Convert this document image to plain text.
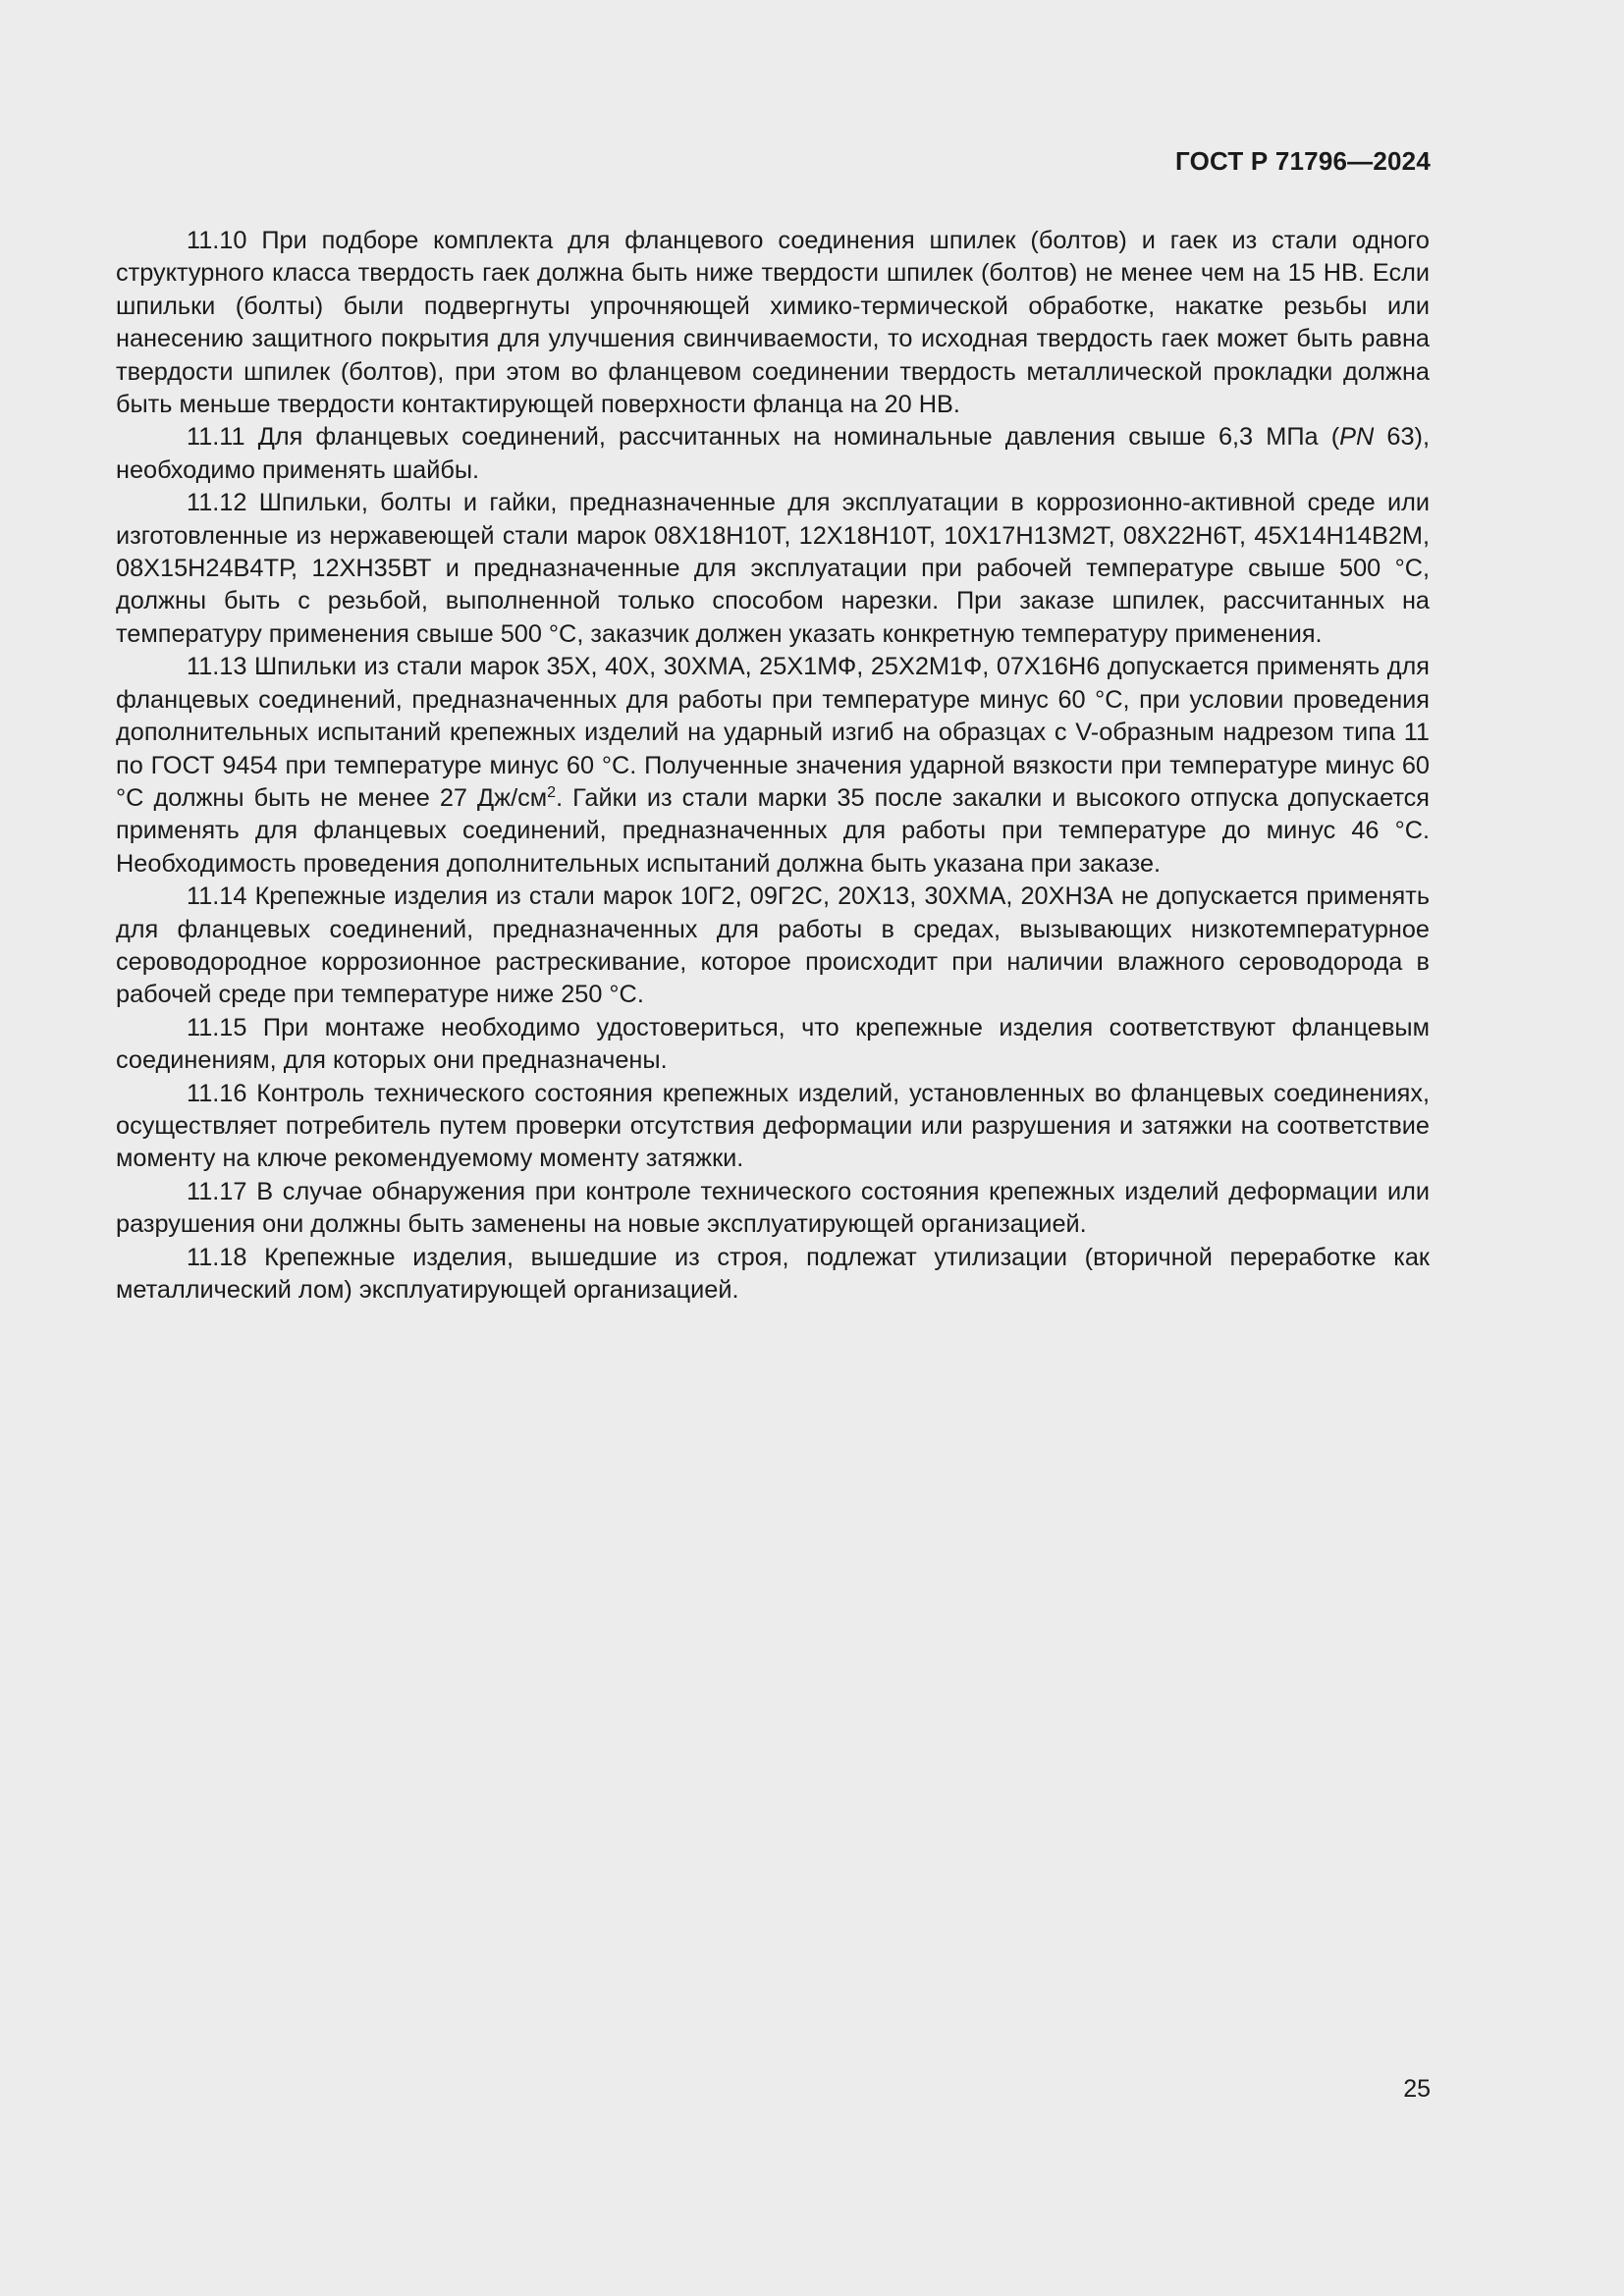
ГОСТ Р 71796—2024

11.10 При подборе комплекта для фланцевого соединения шпилек (болтов) и гаек из стали одного структурного класса твердость гаек должна быть ниже твердости шпилек (болтов) не менее чем на 15 НВ. Если шпильки (болты) были подвергнуты упрочняющей химико-термической обработке, накатке резьбы или нанесению защитного покрытия для улучшения свинчиваемости, то исходная твердость гаек может быть равна твердости шпилек (болтов), при этом во фланцевом соединении твердость металлической прокладки должна быть меньше твердости контактирующей поверхности фланца на 20 НВ.

11.11 Для фланцевых соединений, рассчитанных на номинальные давления свыше 6,3 МПа (PN 63), необходимо применять шайбы.

11.12 Шпильки, болты и гайки, предназначенные для эксплуатации в коррозионно-активной среде или изготовленные из нержавеющей стали марок 08Х18Н10Т, 12Х18Н10Т, 10Х17Н13М2Т, 08Х22Н6Т, 45Х14Н14В2М, 08Х15Н24В4ТР, 12ХН35ВТ и предназначенные для эксплуатации при рабочей температуре свыше 500 °С, должны быть с резьбой, выполненной только способом нарезки. При заказе шпилек, рассчитанных на температуру применения свыше 500 °С, заказчик должен указать конкретную температуру применения.

11.13 Шпильки из стали марок 35Х, 40Х, 30ХМА, 25Х1МФ, 25Х2М1Ф, 07Х16Н6 допускается применять для фланцевых соединений, предназначенных для работы при температуре минус 60 °С, при условии проведения дополнительных испытаний крепежных изделий на ударный изгиб на образцах с V-образным надрезом типа 11 по ГОСТ 9454 при температуре минус 60 °С. Полученные значения ударной вязкости при температуре минус 60 °С должны быть не менее 27 $Дж/см^2$. Гайки из стали марки 35 после закалки и высокого отпуска допускается применять для фланцевых соединений, предназначенных для работы при температуре до минус 46 °С. Необходимость проведения дополнительных испытаний должна быть указана при заказе.

11.14 Крепежные изделия из стали марок 10Г2, 09Г2С, 20Х13, 30ХМА, 20ХН3А не допускается применять для фланцевых соединений, предназначенных для работы в средах, вызывающих низкотемпературное сероводородное коррозионное растрескивание, которое происходит при наличии влажного сероводорода в рабочей среде при температуре ниже 250 °С.

11.15 При монтаже необходимо удостовериться, что крепежные изделия соответствуют фланцевым соединениям, для которых они предназначены.

11.16 Контроль технического состояния крепежных изделий, установленных во фланцевых соединениях, осуществляет потребитель путем проверки отсутствия деформации или разрушения и затяжки на соответствие моменту на ключе рекомендуемому моменту затяжки.

11.17 В случае обнаружения при контроле технического состояния крепежных изделий деформации или разрушения они должны быть заменены на новые эксплуатирующей организацией.

11.18 Крепежные изделия, вышедшие из строя, подлежат утилизации (вторичной переработке как металлический лом) эксплуатирующей организацией.

25
